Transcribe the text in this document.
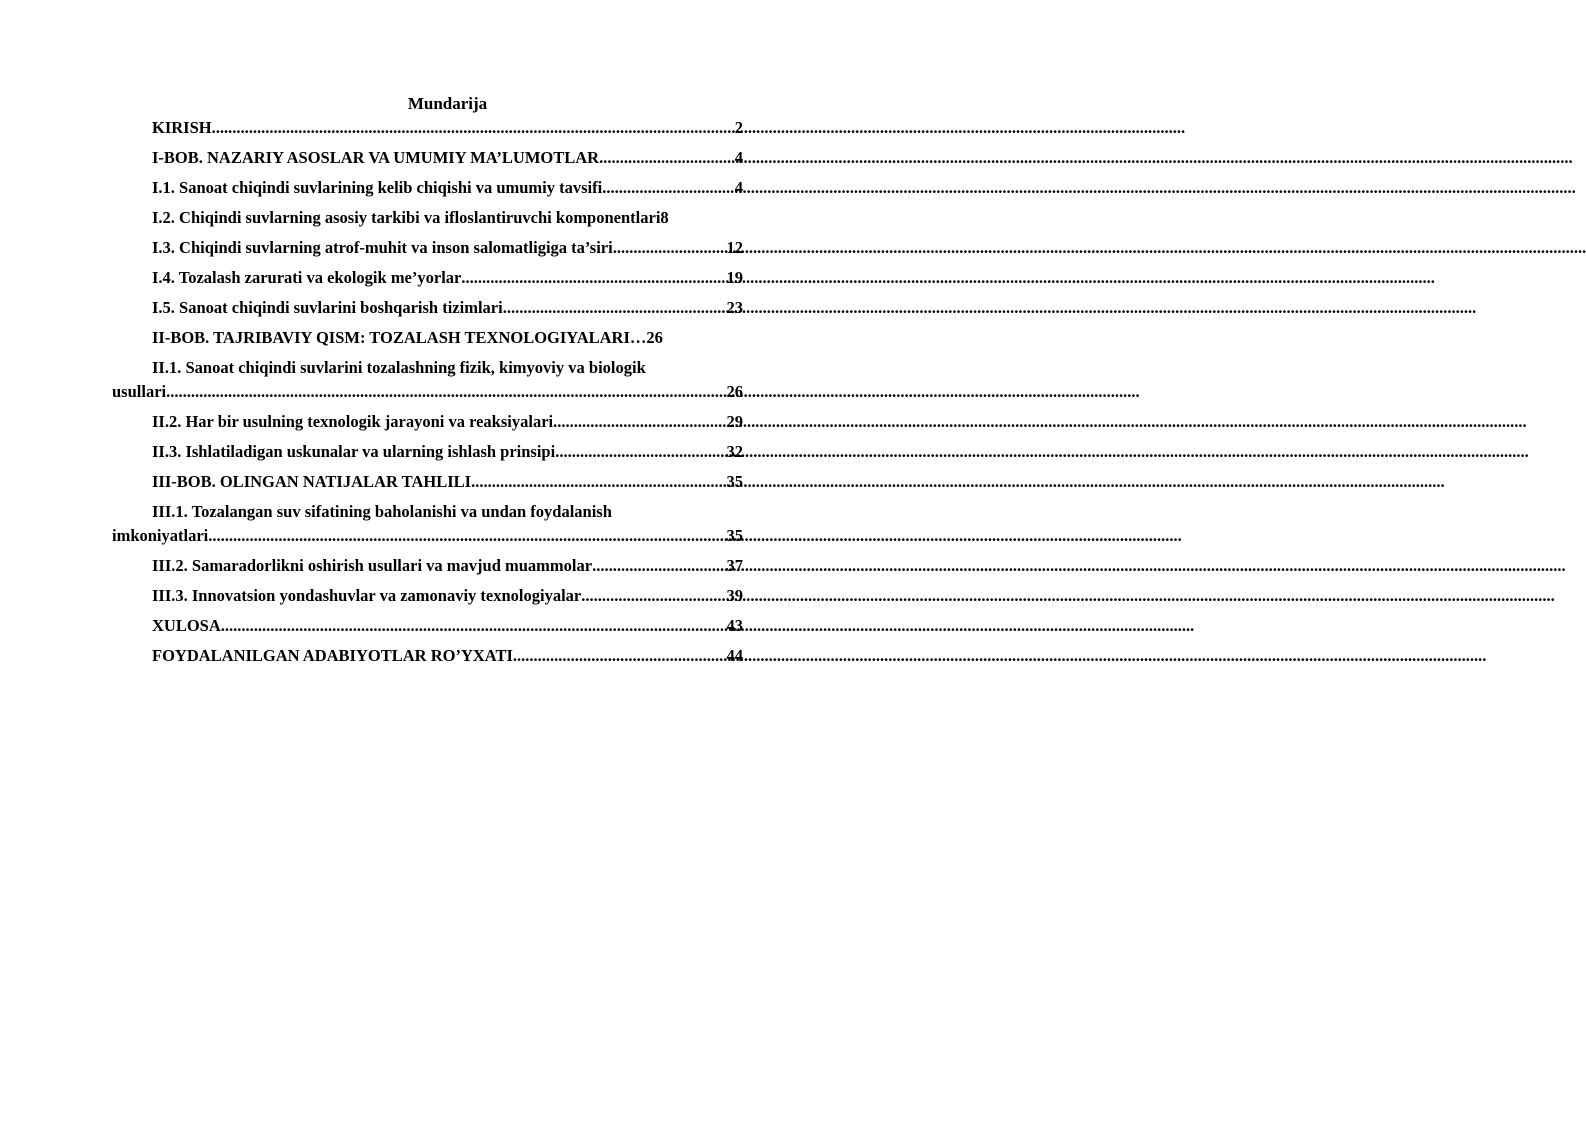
Mundarija
KIRISH .....	2
I-BOB. NAZARIY ASOSLAR VA UMUMIY MA’LUMOTLAR .....	4
I.1. Sanoat chiqindi suvlarining kelib chiqishi va umumiy tavsifi .....	4
I.2. Chiqindi suvlarning asosiy tarkibi va ifloslantiruvchi komponentlari 8
I.3. Chiqindi suvlarning atrof-muhit va inson salomatligiga ta’siri .....	12
I.4. Tozalash zarurati va ekologik me’yorlar .....	19
I.5. Sanoat chiqindi suvlarini boshqarish tizimlari .....	23
II-BOB. TAJRIBAVIY QISM: TOZALASH TEXNOLOGIYALARI… 26
II.1. Sanoat chiqindi suvlarini tozalashning fizik, kimyoviy va biologik
usullari .....	26
II.2. Har bir usulning texnologik jarayoni va reaksiyalari .....	29
II.3. Ishlatiladigan uskunalar va ularning ishlash prinsipi .....	32
III-BOB. OLINGAN NATIJALAR TAHLILI .....	35
III.1. Tozalangan suv sifatining baholanishi va undan foydalanish
imkoniyatlari .....	35
III.2. Samaradorlikni oshirish usullari va mavjud muammolar .....	37
III.3. Innovatsion yondashuvlar va zamonaviy texnologiyalar .....	39
XULOSA .....	43
FOYDALANILGAN ADABIYOTLAR RO’YXATI .....	44
